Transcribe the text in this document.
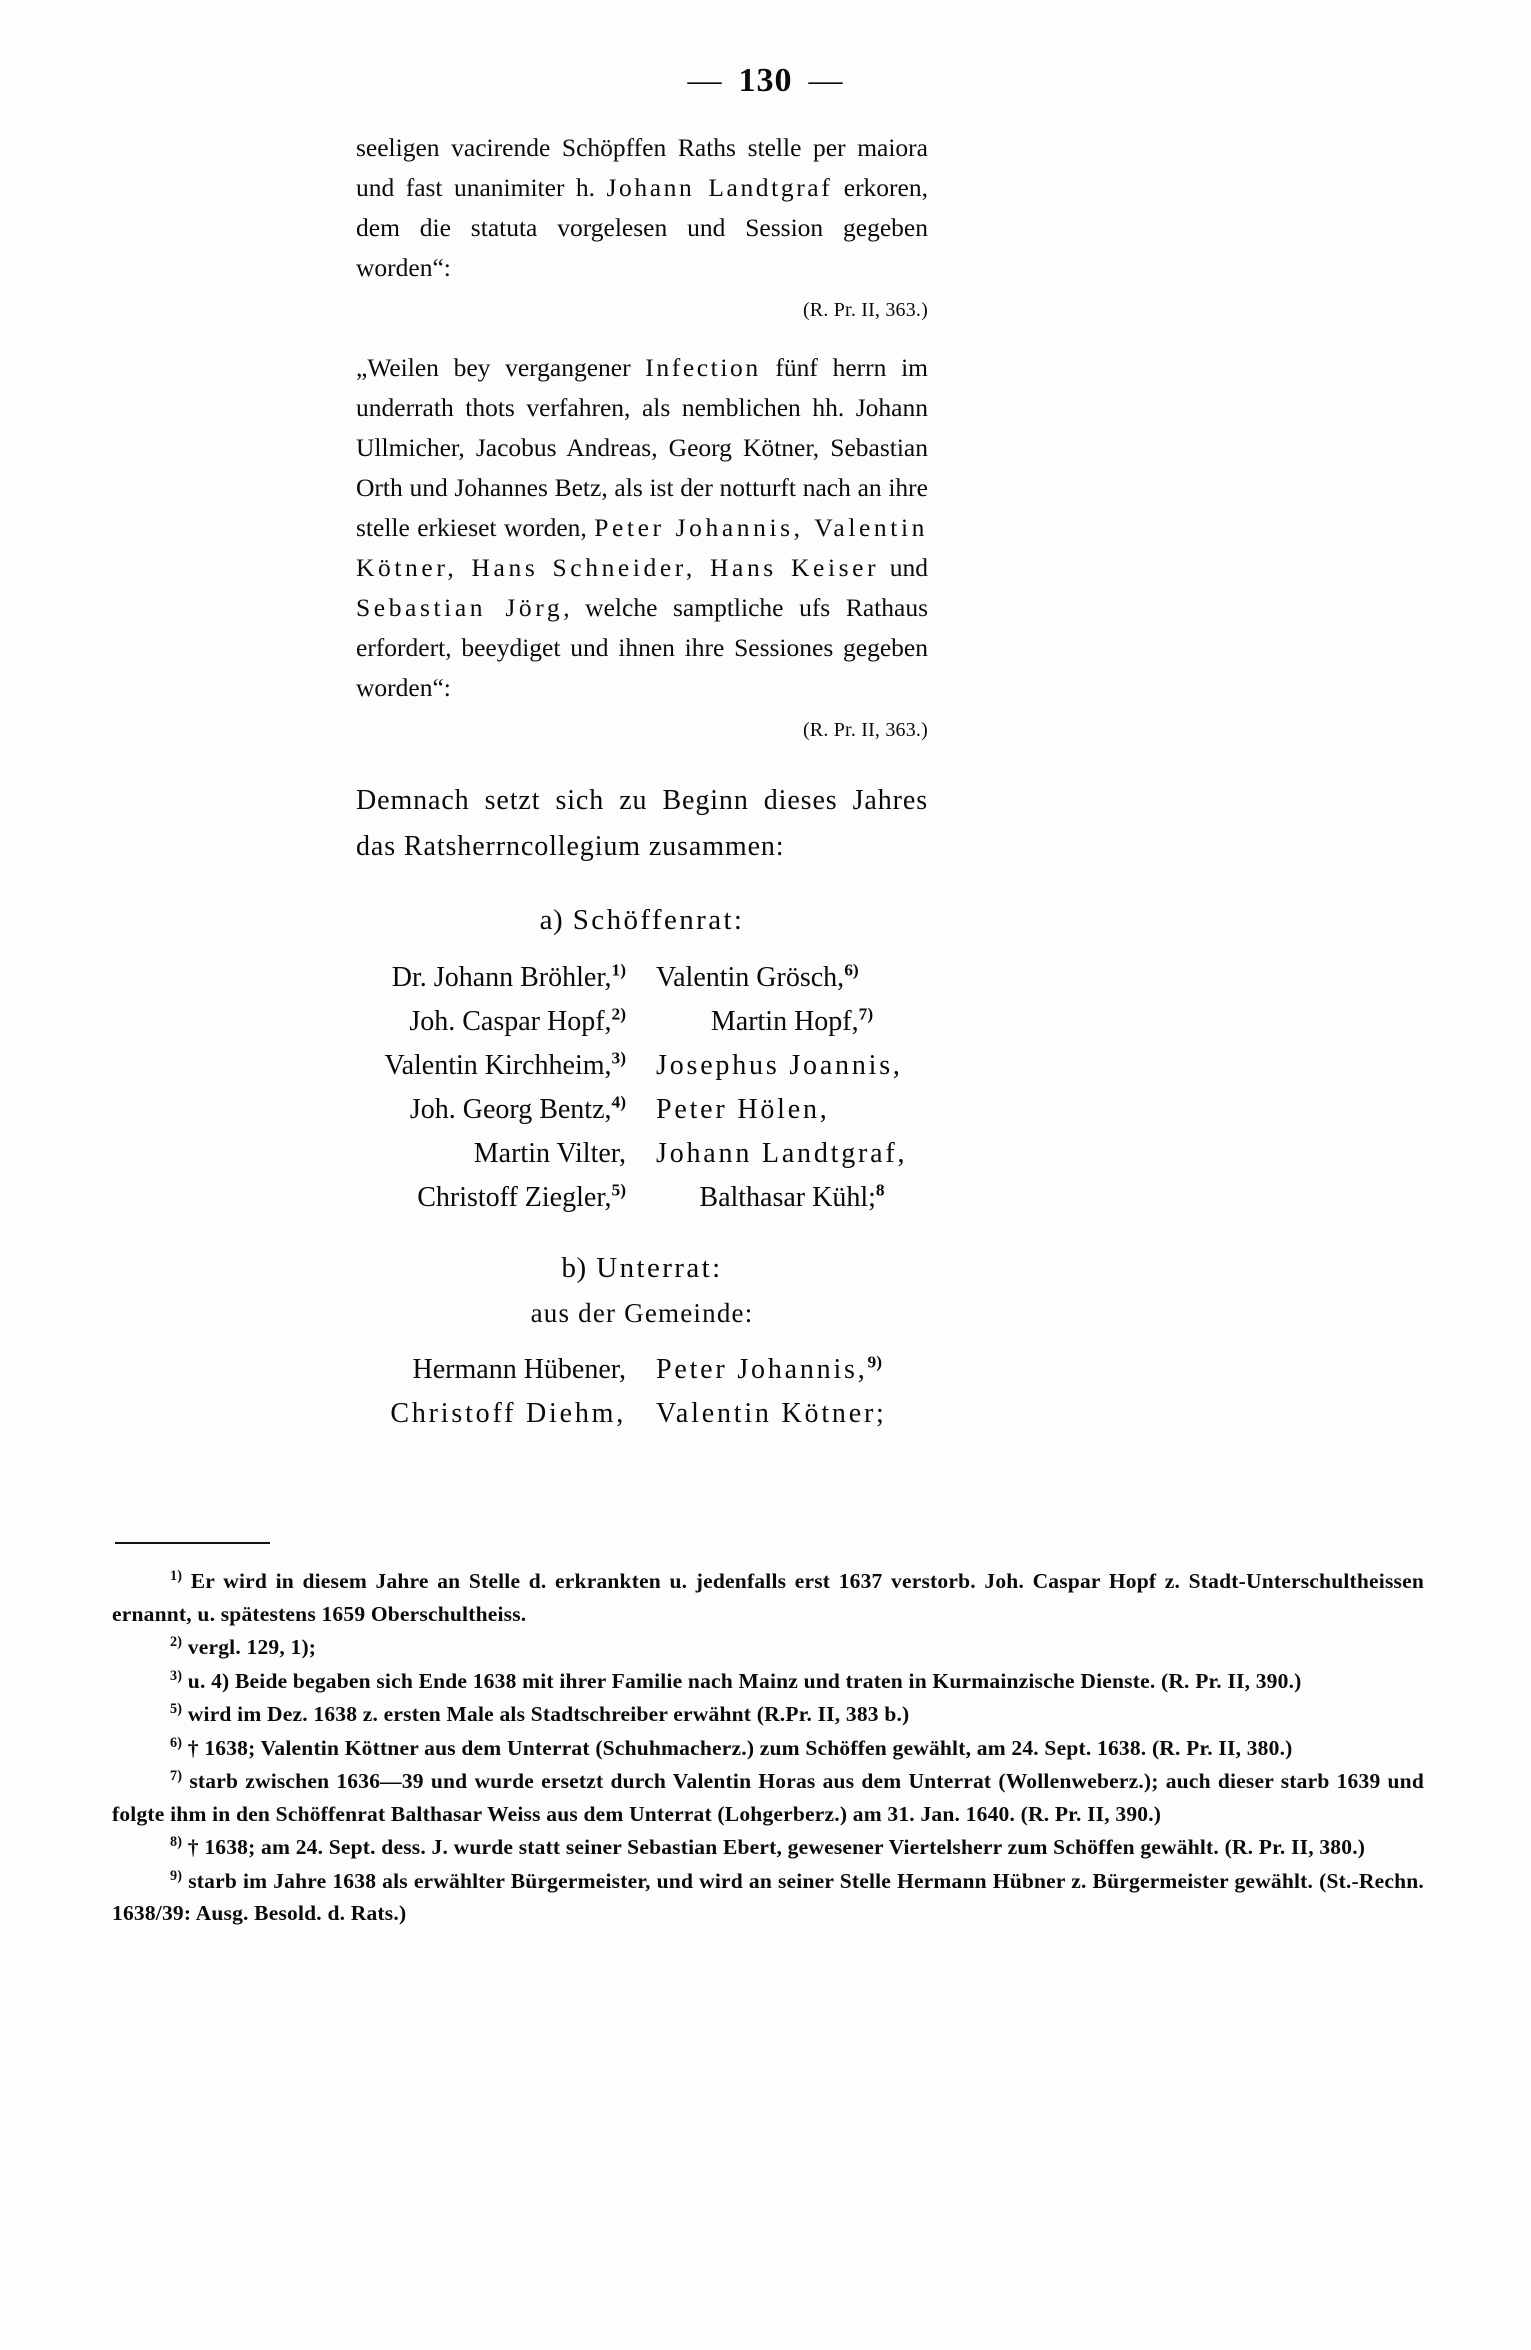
— 130 —

seeligen vacirende Schöpffen Raths stelle per maiora und fast unanimiter h. Johann Landtgraf erkoren, dem die statuta vorgelesen und Session gegeben worden“:

(R. Pr. II, 363.)

„Weilen bey vergangener Infection fünf herrn im underrath thots verfahren, als nemblichen hh. Johann Ullmicher, Jacobus Andreas, Georg Kötner, Sebastian Orth und Johannes Betz, als ist der notturft nach an ihre stelle erkieset worden, Peter Johannis, Valentin Kötner, Hans Schneider, Hans Keiser und Sebastian Jörg, welche samptliche ufs Rathaus erfordert, beeydiget und ihnen ihre Sessiones gegeben worden“:

(R. Pr. II, 363.)

Demnach setzt sich zu Beginn dieses Jahres das Ratsherrncollegium zusammen:

a) Schöffenrat:
Dr. Johann Bröhler,$^{1)}$	Valentin Grösch,$^{6)}$
Joh. Caspar Hopf,$^{2)}$	Martin Hopf,$^{7)}$
Valentin Kirchheim,$^{3)}$	Josephus Joannis,
Joh. Georg Bentz,$^{4)}$	Peter Hölen,
Martin Vilter,	Johann Landtgraf,
Christoff Ziegler,$^{5)}$	Balthasar Kühl;$^8$
b) Unterrat:
aus der Gemeinde:
Hermann Hübener,	Peter Johannis,$^{9)}$
Christoff Diehm,	Valentin Kötner;

$^{1)}$ Er wird in diesem Jahre an Stelle d. erkrankten u. jedenfalls erst 1637 verstorb. Joh. Caspar Hopf z. Stadt-Unterschultheissen ernannt, u. spätestens 1659 Oberschultheiss.

$^{2)}$ vergl. 129, 1);

$^{3)}$ u. 4) Beide begaben sich Ende 1638 mit ihrer Familie nach Mainz und traten in Kurmainzische Dienste. (R. Pr. II, 390.)

$^{5)}$ wird im Dez. 1638 z. ersten Male als Stadtschreiber erwähnt (R.Pr. II, 383 b.)

$^{6)}$ † 1638; Valentin Köttner aus dem Unterrat (Schuhmacherz.) zum Schöffen gewählt, am 24. Sept. 1638. (R. Pr. II, 380.)

$^{7)}$ starb zwischen 1636—39 und wurde ersetzt durch Valentin Horas aus dem Unterrat (Wollenweberz.); auch dieser starb 1639 und folgte ihm in den Schöffenrat Balthasar Weiss aus dem Unterrat (Lohgerberz.) am 31. Jan. 1640. (R. Pr. II, 390.)

$^{8)}$ † 1638; am 24. Sept. dess. J. wurde statt seiner Sebastian Ebert, gewesener Viertelsherr zum Schöffen gewählt. (R. Pr. II, 380.)

$^{9)}$ starb im Jahre 1638 als erwählter Bürgermeister, und wird an seiner Stelle Hermann Hübner z. Bürgermeister gewählt. (St.-Rechn. 1638/39: Ausg. Besold. d. Rats.)
